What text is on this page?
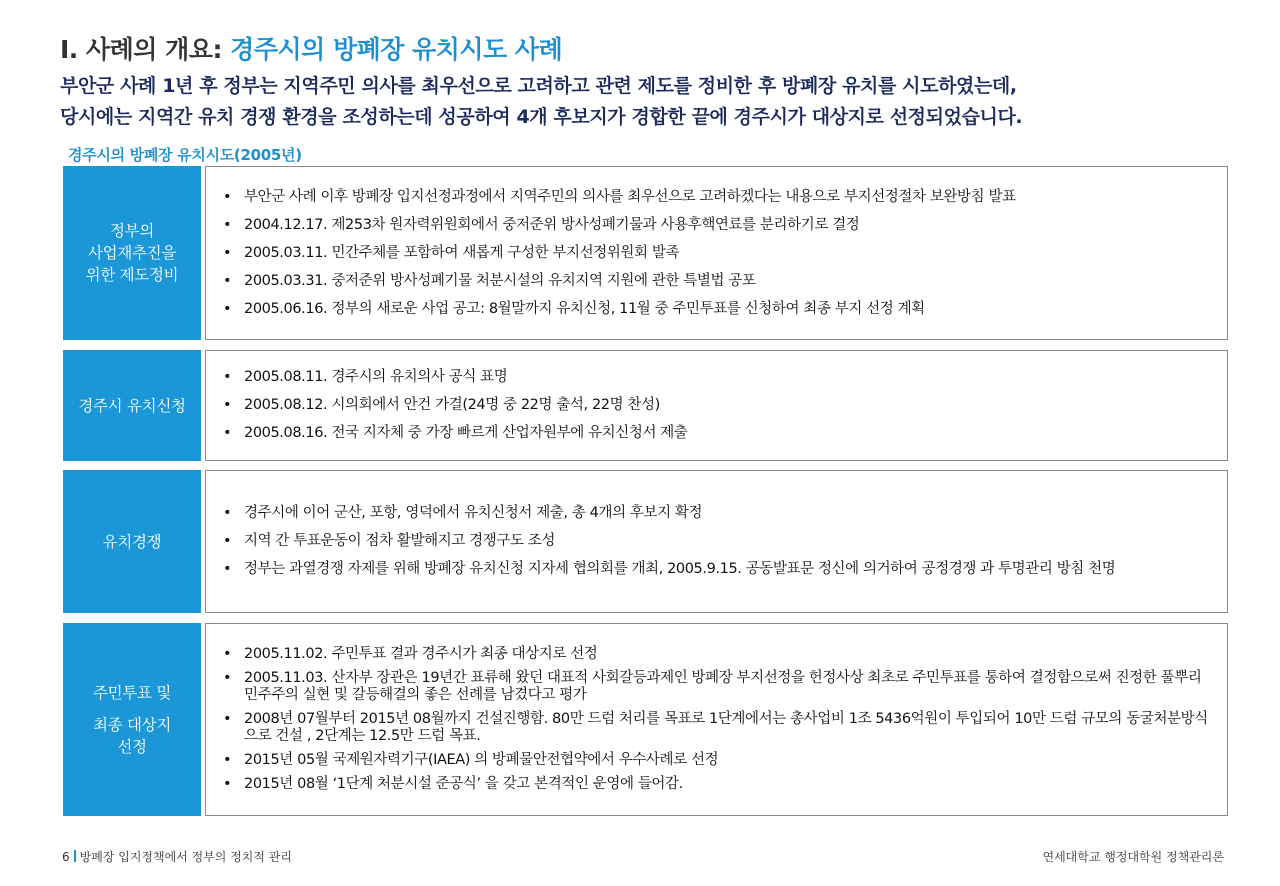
I. 사례의 개요: 경주시의 방폐장 유치시도 사례
부안군 사례 1년 후 정부는 지역주민 의사를 최우선으로 고려하고 관련 제도를 정비한 후 방폐장 유치를 시도하였는데,
당시에는 지역간 유치 경쟁 환경을 조성하는데 성공하여 4개 후보지가 경합한 끝에 경주시가 대상지로 선정되었습니다.
경주시의 방폐장 유치시도(2005년)
정부의
사업재추진을
위한 제도정비
• 부안군 사례 이후 방폐장 입지선정과정에서 지역주민의 의사를 최우선으로 고려하겠다는 내용으로 부지선정절차 보완방침 발표
• 2004.12.17. 제253차 원자력위원회에서 중저준위 방사성폐기물과 사용후핵연료를 분리하기로 결정
• 2005.03.11. 민간주체를 포함하여 새롭게 구성한 부지선정위원회 발족
• 2005.03.31. 중저준위 방사성폐기물 처분시설의 유치지역 지원에 관한 특별법 공포
• 2005.06.16. 정부의 새로운 사업 공고: 8월말까지 유치신청, 11월 중 주민투표를 신청하여 최종 부지 선정 계획
경주시 유치신청
• 2005.08.11. 경주시의 유치의사 공식 표명
• 2005.08.12. 시의회에서 안건 가결(24명 중 22명 출석, 22명 찬성)
• 2005.08.16. 전국 지자체 중 가장 빠르게 산업자원부에 유치신청서 제출
유치경쟁
• 경주시에 이어 군산, 포항, 영덕에서 유치신청서 제출, 총 4개의 후보지 확정
• 지역 간 투표운동이 점차 활발해지고 경쟁구도 조성
• 정부는 과열경쟁 자제를 위해 방폐장 유치신청 지자세 협의회를 개최, 2005.9.15. 공동발표문 정신에 의거하여 공정경쟁 과 투명관리 방침 천명
주민투표 및
최종 대상지
선정
• 2005.11.02. 주민투표 결과 경주시가 최종 대상지로 선정
• 2005.11.03. 산자부 장관은 19년간 표류해 왔던 대표적 사회갈등과제인 방폐장 부지선정을 헌정사상 최초로 주민투표를 통하여 결정함으로써 진정한 풀뿌리 민주주의 실현 및 갈등해결의 좋은 선례를 남겼다고 평가
• 2008년 07월부터 2015년 08월까지 건설진행함. 80만 드럼 처리를 목표로 1단계에서는 총사업비 1조 5436억원이 투입되어 10만 드럼 규모의 동굴처분방식으로 건설 , 2단계는 12.5만 드럼 목표.
• 2015년 05월 국제원자력기구(IAEA) 의 방폐물안전협약에서 우수사례로 선정
• 2015년 08월 ‘1단계 처분시설 준공식’ 을 갖고 본격적인 운영에 들어감.
6 방폐장 입지정책에서 정부의 정치적 관리	연세대학교 행정대학원 정책관리론
